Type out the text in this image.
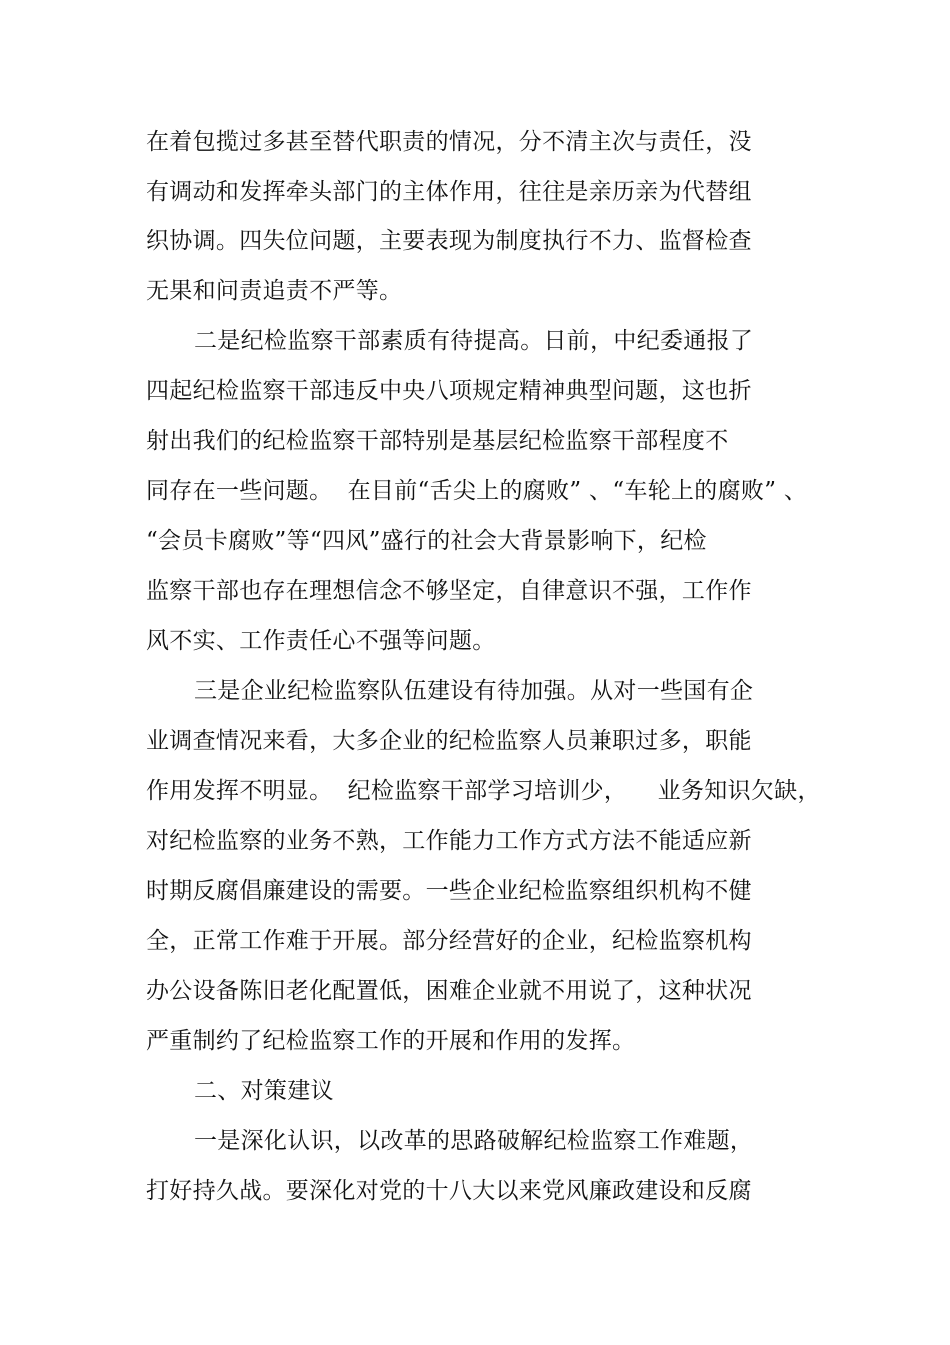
在着包揽过多甚至替代职责的情况，分不清主次与责任，没
有调动和发挥牵头部门的主体作用，往往是亲历亲为代替组
织协调。四失位问题，主要表现为制度执行不力、监督检查
无果和问责追责不严等。
二是纪检监察干部素质有待提高。日前，中纪委通报了
四起纪检监察干部违反中央八项规定精神典型问题，这也折
射出我们的纪检监察干部特别是基层纪检监察干部程度不
同存在一些问题。  在目前“舌尖上的腐败” 、“车轮上的腐败” 、
“会员卡腐败”等“四风”盛行的社会大背景影响下，纪检
监察干部也存在理想信念不够坚定，自律意识不强，工作作
风不实、工作责任心不强等问题。
三是企业纪检监察队伍建设有待加强。从对一些国有企
业调查情况来看，大多企业的纪检监察人员兼职过多，职能
作用发挥不明显。  纪检监察干部学习培训少，    业务知识欠缺，
对纪检监察的业务不熟，工作能力工作方式方法不能适应新
时期反腐倡廉建设的需要。一些企业纪检监察组织机构不健
全，正常工作难于开展。部分经营好的企业，纪检监察机构
办公设备陈旧老化配置低，困难企业就不用说了，这种状况
严重制约了纪检监察工作的开展和作用的发挥。
二、对策建议
一是深化认识，以改革的思路破解纪检监察工作难题，
打好持久战。要深化对党的十八大以来党风廉政建设和反腐
